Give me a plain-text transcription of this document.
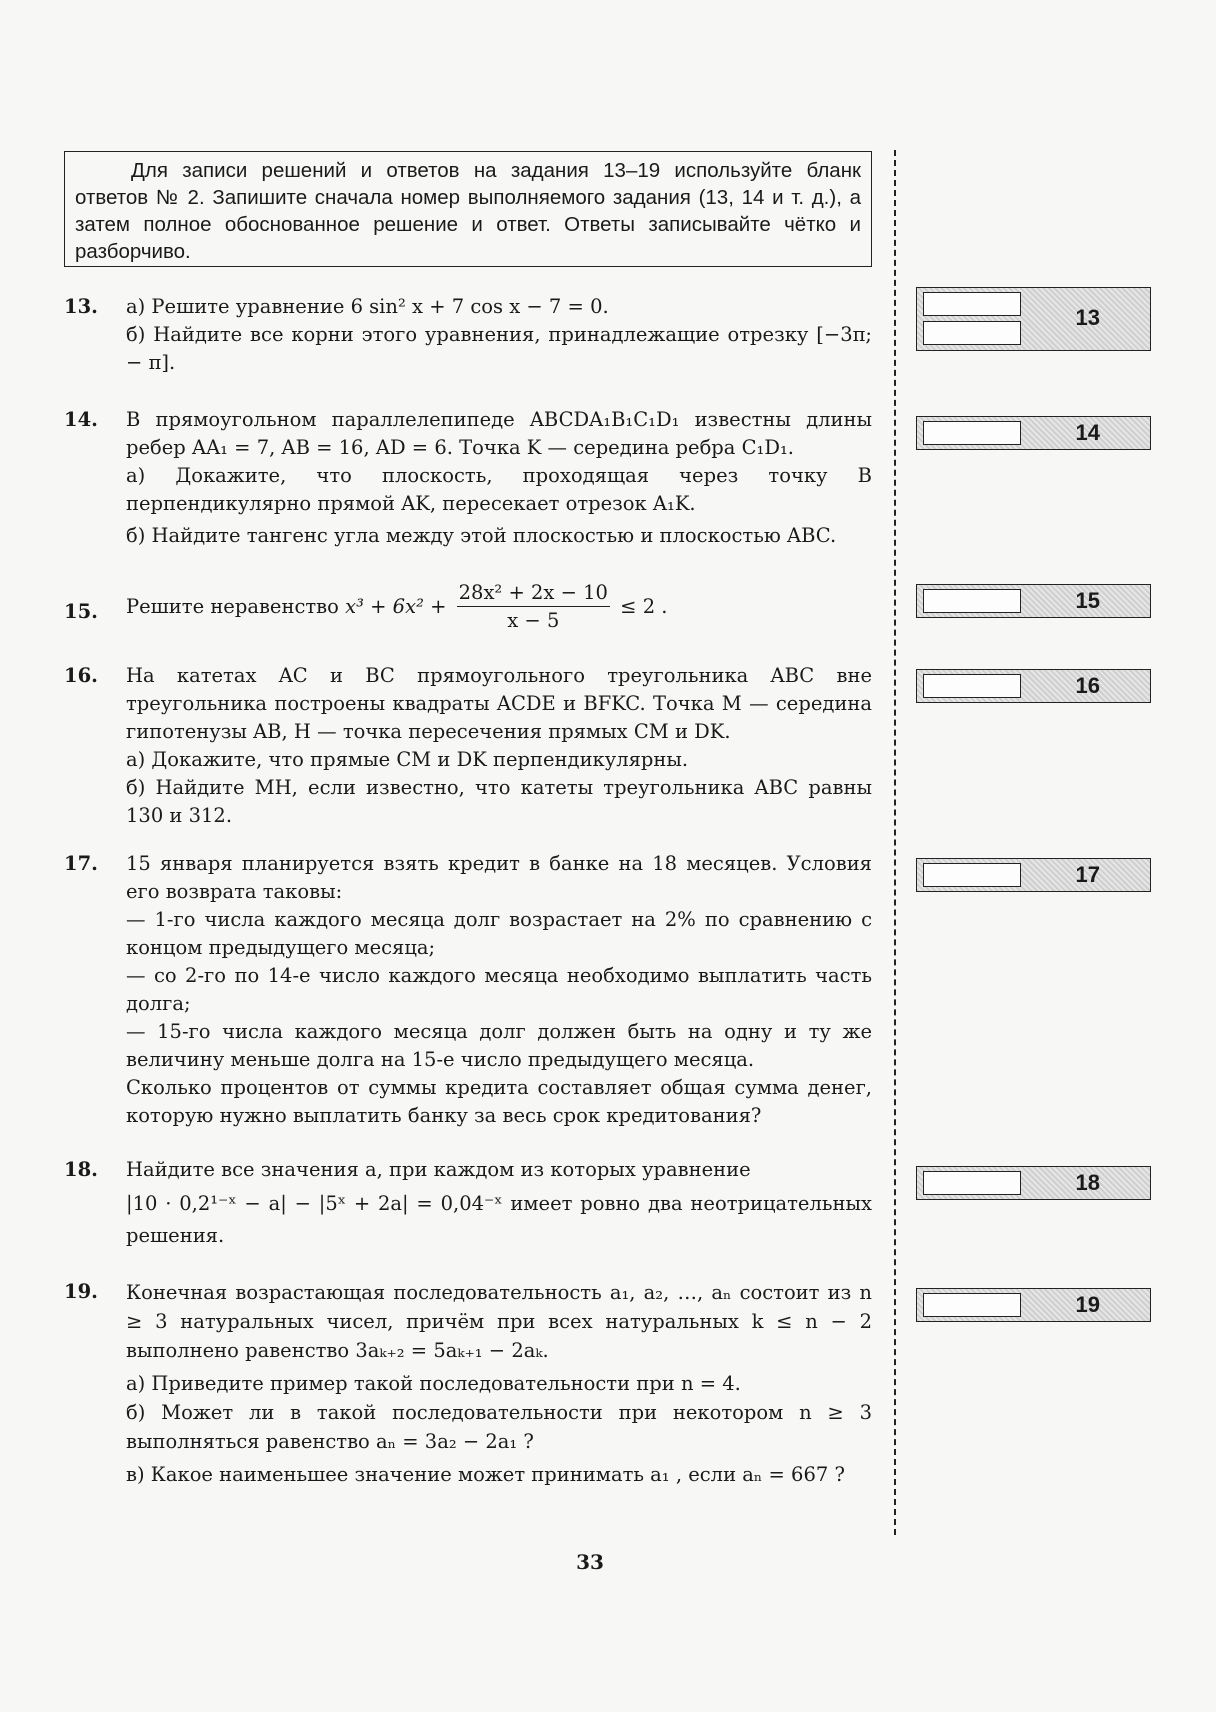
Для записи решений и ответов на задания 13–19 используйте бланк ответов № 2. Запишите сначала номер выполняемого задания (13, 14 и т. д.), а затем полное обоснованное решение и ответ. Ответы записывайте чётко и разборчиво.
13. а) Решите уравнение 6 sin² x + 7 cos x − 7 = 0.

б) Найдите все корни этого уравнения, принадлежащие отрезку [−3π; − π].

14. В прямоугольном параллелепипеде ABCDA₁B₁C₁D₁ известны длины ребер AA₁ = 7, AB = 16, AD = 6. Точка K — середина ребра C₁D₁.

а) Докажите, что плоскость, проходящая через точку B перпендикулярно прямой AK, пересекает отрезок A₁K.

б) Найдите тангенс угла между этой плоскостью и плоскостью ABC.

15. Решите неравенство $x^3 + 6x^2 + \frac{\text{28x² + 2x − 10}}{x - 5} \le 2$ .
16. На катетах AC и BC прямоугольного треугольника ABC вне треугольника построены квадраты ACDE и BFKC. Точка M — середина гипотенузы AB, H — точка пересечения прямых CM и DK.

а) Докажите, что прямые CM и DK перпендикулярны.

б) Найдите MH, если известно, что катеты треугольника ABC равны 130 и 312.

17. 15 января планируется взять кредит в банке на 18 месяцев. Условия его возврата таковы:

— 1-го числа каждого месяца долг возрастает на 2% по сравнению с концом предыдущего месяца;

— со 2-го по 14-е число каждого месяца необходимо выплатить часть долга;

— 15-го числа каждого месяца долг должен быть на одну и ту же величину меньше долга на 15-е число предыдущего месяца.

Сколько процентов от суммы кредита составляет общая сумма денег, которую нужно выплатить банку за весь срок кредитования?

18. Найдите все значения a, при каждом из которых уравнение

|10 · 0,2¹⁻ˣ − a| − |5ˣ + 2a| = 0,04⁻ˣ имеет ровно два неотрицательных решения.

19. Конечная возрастающая последовательность a₁, a₂, …, aₙ состоит из n ≥ 3 натуральных чисел, причём при всех натуральных k ≤ n − 2 выполнено равенство 3aₖ₊₂ = 5aₖ₊₁ − 2aₖ.

а) Приведите пример такой последовательности при n = 4.

б) Может ли в такой последовательности при некотором n ≥ 3 выполняться равенство aₙ = 3a₂ − 2a₁ ?

в) Какое наименьшее значение может принимать a₁ , если aₙ = 667 ?

13
14
15
16
17
18
19
33
